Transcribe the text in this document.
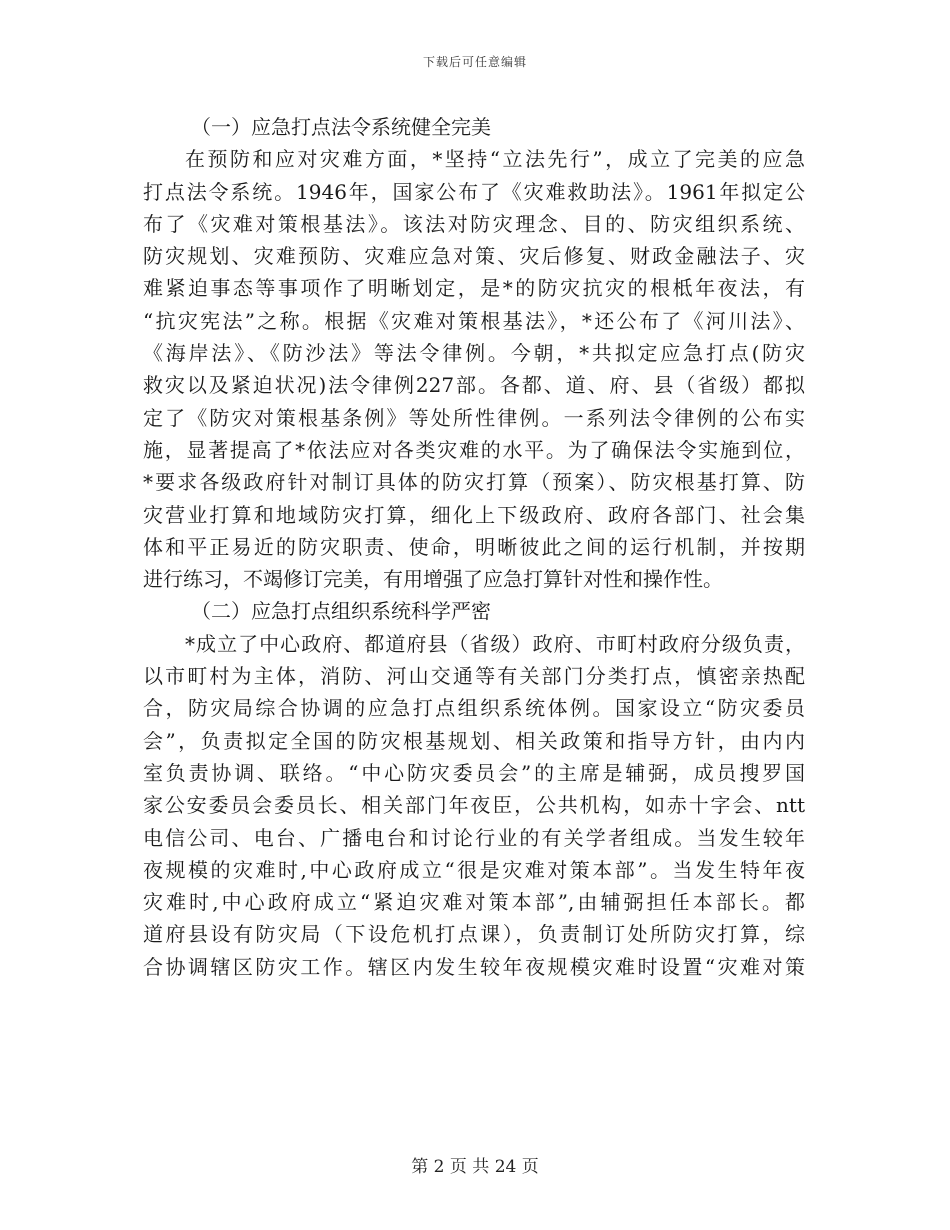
下载后可任意编辑
（一）应急打点法令系统健全完美
在预防和应对灾难方面，*坚持“立法先行”，成立了完美的应急
打点法令系统。1946年，国家公布了《灾难救助法》。1961年拟定公
布了《灾难对策根基法》。该法对防灾理念、目的、防灾组织系统、
防灾规划、灾难预防、灾难应急对策、灾后修复、财政金融法子、灾
难紧迫事态等事项作了明晰划定，是*的防灾抗灾的根柢年夜法，有
“抗灾宪法”之称。根据《灾难对策根基法》，*还公布了《河川法》、
《海岸法》、《防沙法》等法令律例。今朝，*共拟定应急打点(防灾
救灾以及紧迫状况)法令律例227部。各都、道、府、县（省级）都拟
定了《防灾对策根基条例》等处所性律例。一系列法令律例的公布实
施，显著提高了*依法应对各类灾难的水平。为了确保法令实施到位，
*要求各级政府针对制订具体的防灾打算（预案）、防灾根基打算、防
灾营业打算和地域防灾打算，细化上下级政府、政府各部门、社会集
体和平正易近的防灾职责、使命，明晰彼此之间的运行机制，并按期
进行练习，不竭修订完美，有用增强了应急打算针对性和操作性。
（二）应急打点组织系统科学严密
*成立了中心政府、都道府县（省级）政府、市町村政府分级负责，
以市町村为主体，消防、河山交通等有关部门分类打点，慎密亲热配
合，防灾局综合协调的应急打点组织系统体例。国家设立“防灾委员
会”，负责拟定全国的防灾根基规划、相关政策和指导方针，由内内
室负责协调、联络。“中心防灾委员会”的主席是辅弼，成员搜罗国
家公安委员会委员长、相关部门年夜臣，公共机构，如赤十字会、ntt
电信公司、电台、广播电台和讨论行业的有关学者组成。当发生较年
夜规模的灾难时,中心政府成立“很是灾难对策本部”。当发生特年夜
灾难时,中心政府成立“紧迫灾难对策本部”,由辅弼担任本部长。都
道府县设有防灾局（下设危机打点课），负责制订处所防灾打算，综
合协调辖区防灾工作。辖区内发生较年夜规模灾难时设置“灾难对策
第 2 页 共 24 页
